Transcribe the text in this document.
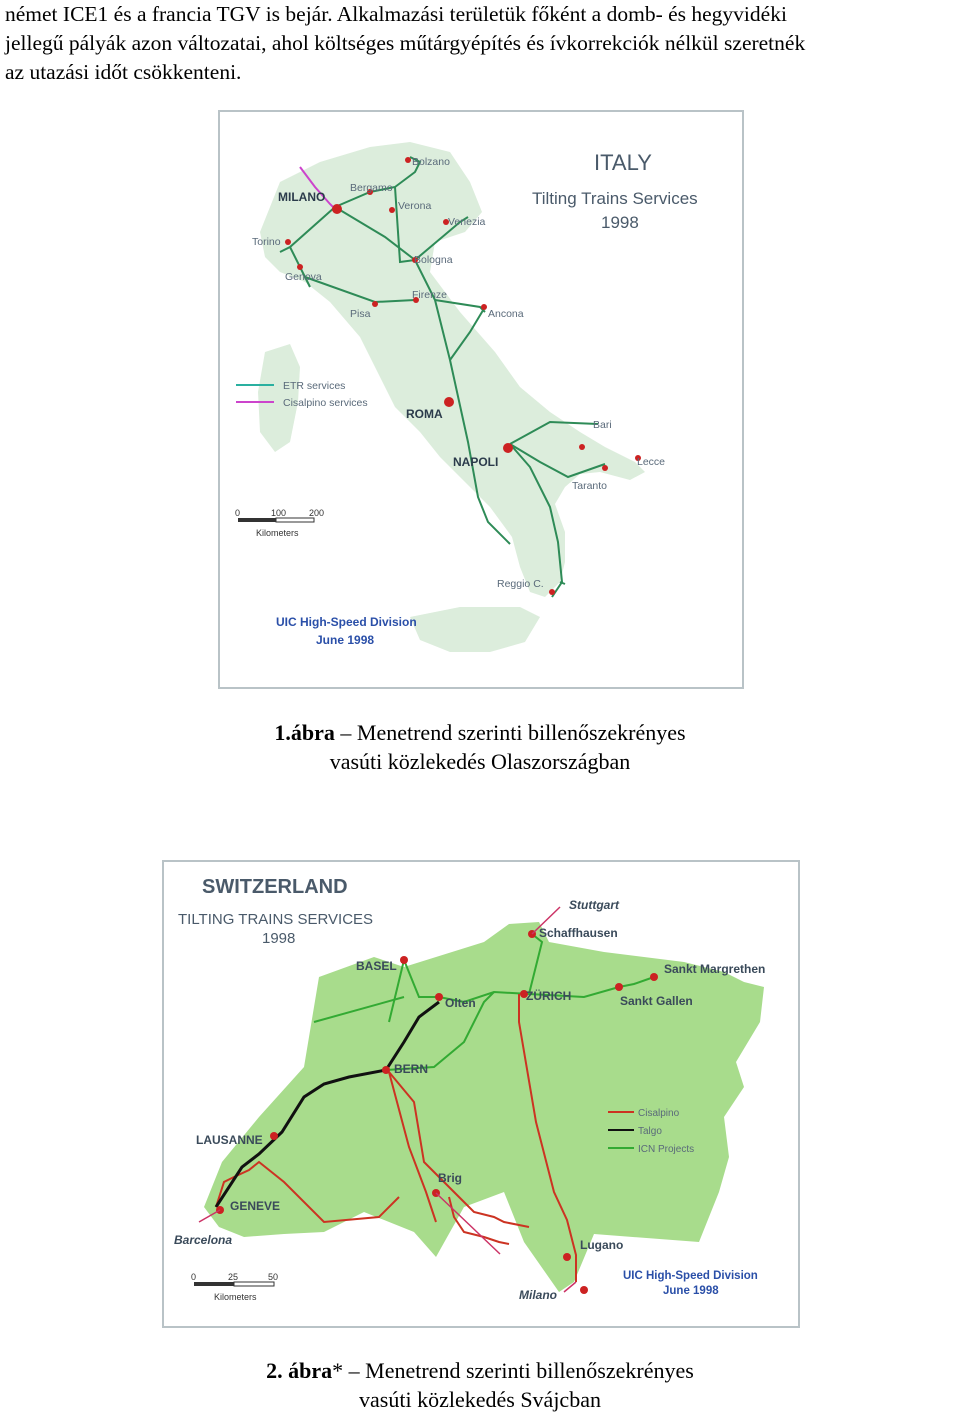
német ICE1 és a francia TGV is bejár. Alkalmazási területük főként a domb- és hegyvidéki
jellegű pályák azon változatai, ahol költséges műtárgyépítés és ívkorrekciók nélkül szeretnék
az utazási időt csökkenteni.
MILANO
Bergamo
Bolzano
Verona
Venezia
Torino
Genova
Bologna
Firenze
Pisa	Ancona
ROMA
NAPOLI
Bari
Lecce
Taranto
Reggio C.
ITALY
Tilting Trains Services
1998
ETR services
Cisalpino services
0	100	200
Kilometers
UIC High-Speed Division
June 1998
1.ábra – Menetrend szerinti billenőszekrényes
vasúti közlekedés Olaszországban
Stuttgart
Schaffhausen
BASEL
Olten	ZÜRICH
Sankt Margrethen
Sankt Gallen
BERN
LAUSANNE
GENEVE
Barcelona
Brig
Lugano
Milano
SWITZERLAND
TILTING TRAINS SERVICES
1998
Cisalpino
Talgo
ICN Projects
0	25	50
Kilometers
UIC High-Speed Division
June 1998
2. ábra* – Menetrend szerinti billenőszekrényes
vasúti közlekedés Svájcban
